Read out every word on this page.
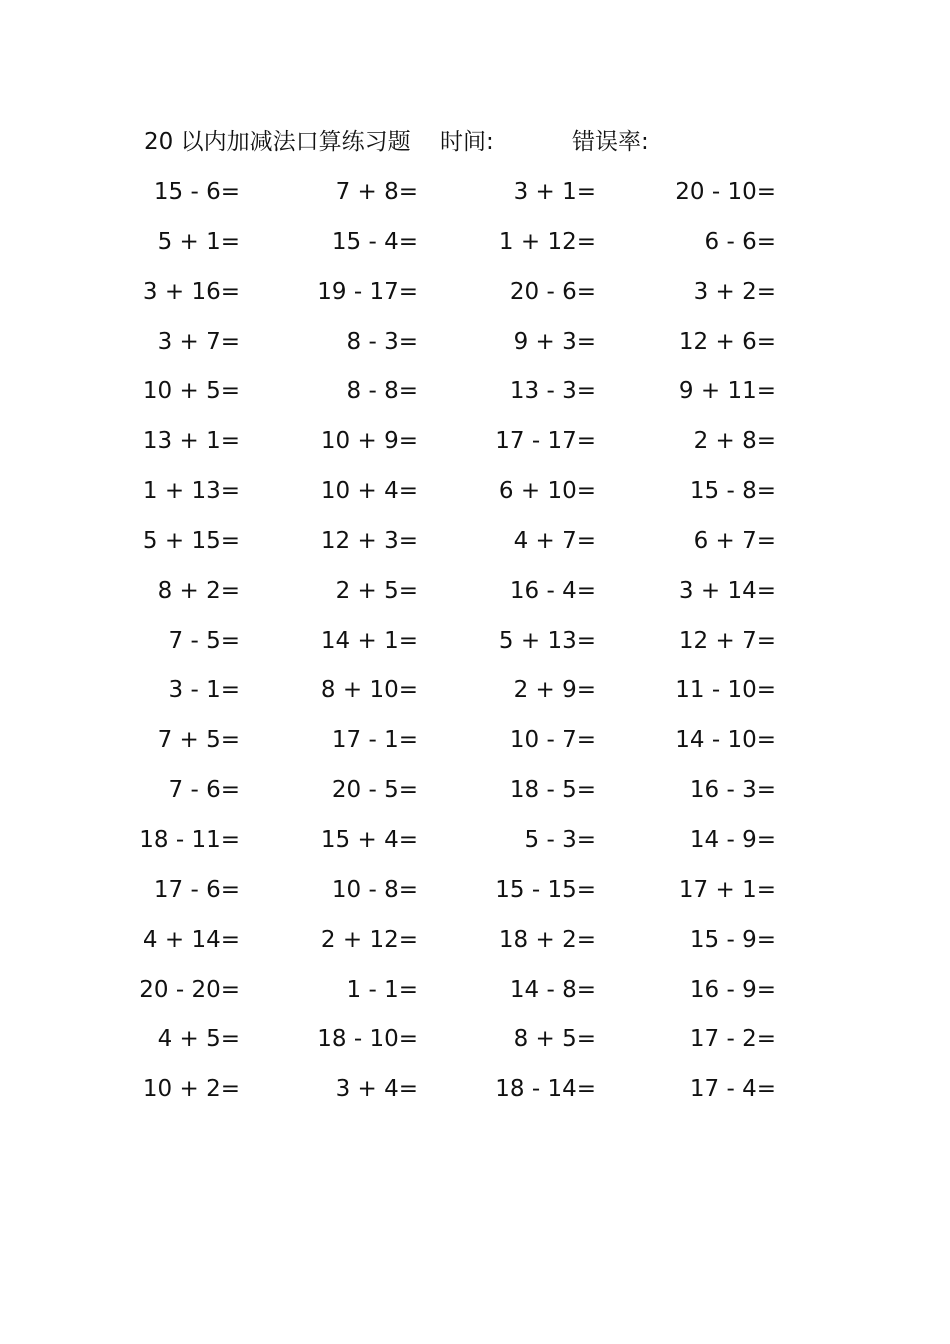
20 以内加减法口算练习题 时间:	错误率:
15 - 6=	7 + 8=	3 + 1=	20 - 10=
5 + 1=	15 - 4=	1 + 12=	6 - 6=
3 + 16=	19 - 17=	20 - 6=	3 + 2=
3 + 7=	8 - 3=	9 + 3=	12 + 6=
10 + 5=	8 - 8=	13 - 3=	9 + 11=
13 + 1=	10 + 9=	17 - 17=	2 + 8=
1 + 13=	10 + 4=	6 + 10=	15 - 8=
5 + 15=	12 + 3=	4 + 7=	6 + 7=
8 + 2=	2 + 5=	16 - 4=	3 + 14=
7 - 5=	14 + 1=	5 + 13=	12 + 7=
3 - 1=	8 + 10=	2 + 9=	11 - 10=
7 + 5=	17 - 1=	10 - 7=	14 - 10=
7 - 6=	20 - 5=	18 - 5=	16 - 3=
18 - 11=	15 + 4=	5 - 3=	14 - 9=
17 - 6=	10 - 8=	15 - 15=	17 + 1=
4 + 14=	2 + 12=	18 + 2=	15 - 9=
20 - 20=	1 - 1=	14 - 8=	16 - 9=
4 + 5=	18 - 10=	8 + 5=	17 - 2=
10 + 2=	3 + 4=	18 - 14=	17 - 4=
